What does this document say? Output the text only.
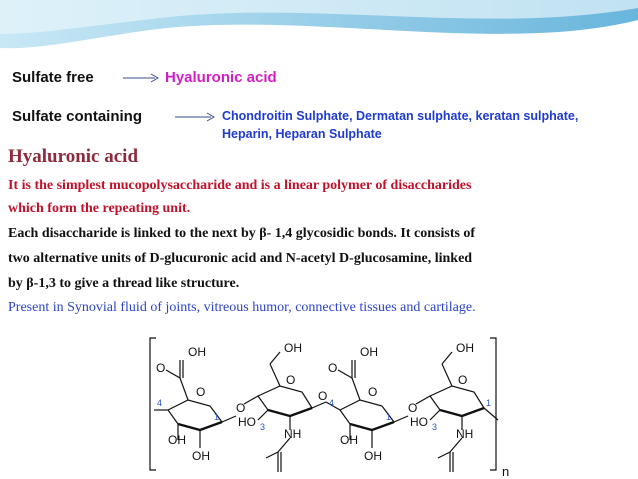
Sulfate free	Hyaluronic acid
Sulfate containing	Chondroitin Sulphate, Dermatan sulphate, keratan sulphate,
Heparin, Heparan Sulphate
Hyaluronic acid
It is the simplest mucopolysaccharide and is a linear polymer of disaccharides
which form the repeating unit.
Each disaccharide is linked to the next by β- 1,4 glycosidic bonds. It consists of
two alternative units of D-glucuronic acid and N-acetyl D-glucosamine, linked
by β-1,3 to give a thread like structure.
Present in Synovial fluid of joints, vitreous humor, connective tissues and cartilage.
OH
O
O
OH
OH
4
1
O
OH
O
HO
NH
3
O
OH
O
O
OH
OH
4
1
O
OH
O
HO
NH
3
1
n
